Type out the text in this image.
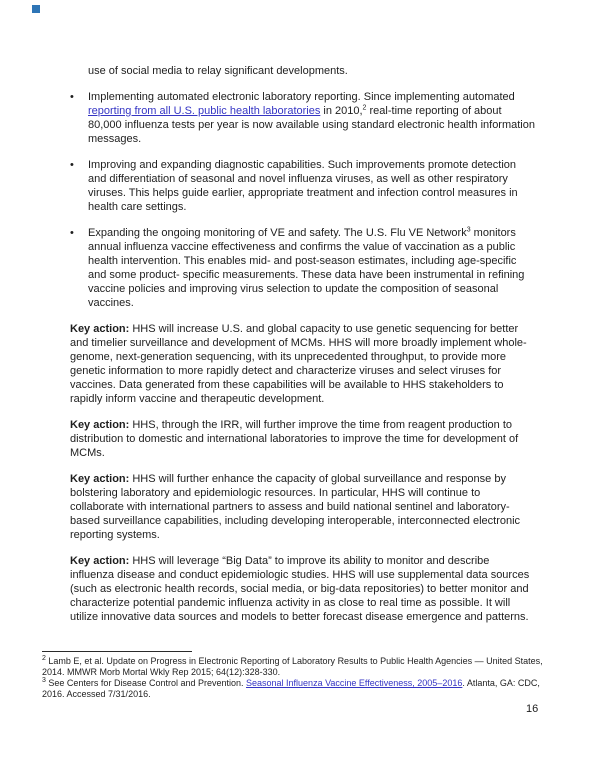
use of social media to relay significant developments.

•	Implementing automated electronic laboratory reporting. Since implementing automated reporting from all U.S. public health laboratories in 2010,$^2$ real-time reporting of about 80,000 influenza tests per year is now available using standard electronic health information messages.

•	Improving and expanding diagnostic capabilities. Such improvements promote detection and differentiation of seasonal and novel influenza viruses, as well as other respiratory viruses. This helps guide earlier, appropriate treatment and infection control measures in health care settings.

•	Expanding the ongoing monitoring of VE and safety. The U.S. Flu VE Network$^3$ monitors annual influenza vaccine effectiveness and confirms the value of vaccination as a public health intervention. This enables mid- and post-season estimates, including age-specific and some product- specific measurements. These data have been instrumental in refining vaccine policies and improving virus selection to update the composition of seasonal vaccines.

Key action: HHS will increase U.S. and global capacity to use genetic sequencing for better and timelier surveillance and development of MCMs. HHS will more broadly implement whole-genome, next-generation sequencing, with its unprecedented throughput, to provide more genetic information to more rapidly detect and characterize viruses and select viruses for vaccines. Data generated from these capabilities will be available to HHS stakeholders to rapidly inform vaccine and therapeutic development.

Key action: HHS, through the IRR, will further improve the time from reagent production to distribution to domestic and international laboratories to improve the time for development of MCMs.

Key action: HHS will further enhance the capacity of global surveillance and response by bolstering laboratory and epidemiologic resources. In particular, HHS will continue to collaborate with international partners to assess and build national sentinel and laboratory-based surveillance capabilities, including developing interoperable, interconnected electronic reporting systems.

Key action: HHS will leverage “Big Data” to improve its ability to monitor and describe influenza disease and conduct epidemiologic studies. HHS will use supplemental data sources (such as electronic health records, social media, or big-data repositories) to better monitor and characterize potential pandemic influenza activity in as close to real time as possible. It will utilize innovative data sources and models to better forecast disease emergence and patterns.

$^2$ Lamb E, et al. Update on Progress in Electronic Reporting of Laboratory Results to Public Health Agencies — United States, 2014. MMWR Morb Mortal Wkly Rep 2015; 64(12):328-330.

$^3$ See Centers for Disease Control and Prevention. Seasonal Influenza Vaccine Effectiveness, 2005–2016. Atlanta, GA: CDC, 2016. Accessed 7/31/2016.

16
